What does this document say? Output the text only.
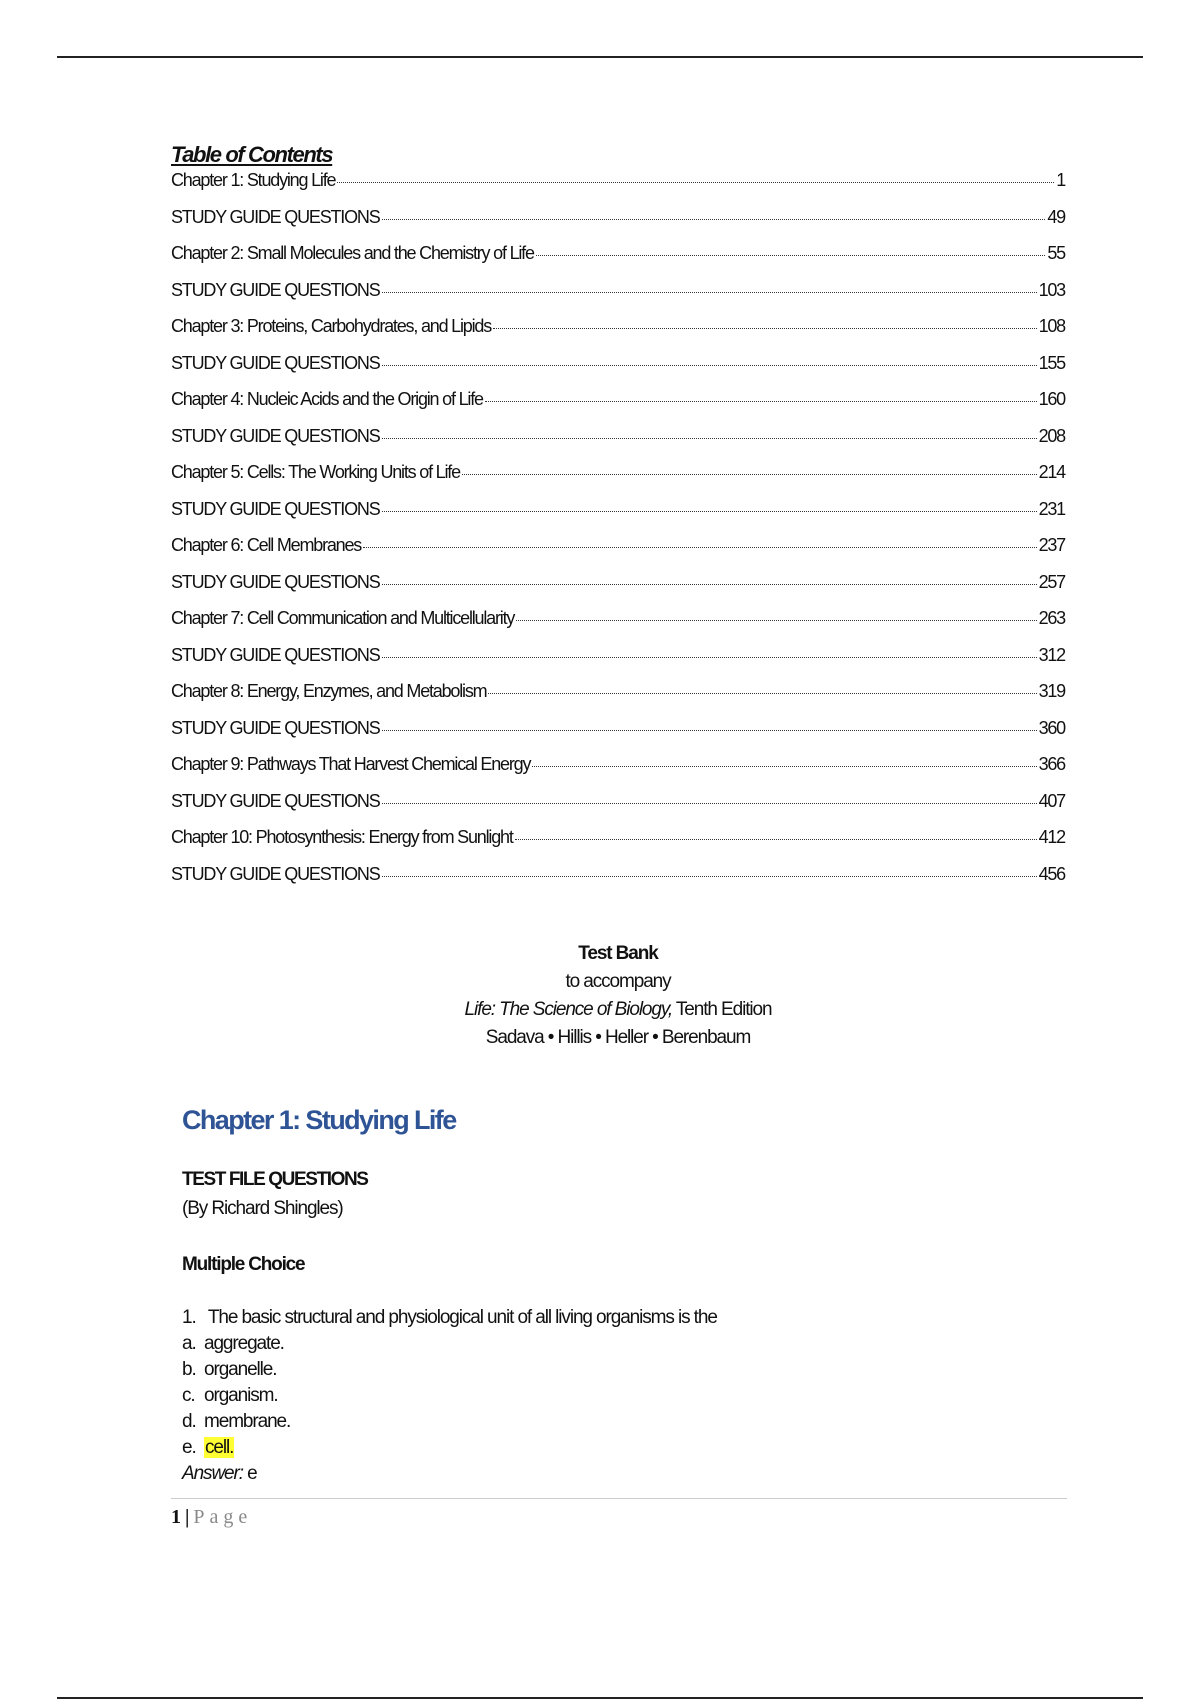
Table of Contents
Chapter 1: Studying Life	1
STUDY GUIDE QUESTIONS	49
Chapter 2: Small Molecules and the Chemistry of Life	55
STUDY GUIDE QUESTIONS	103
Chapter 3: Proteins, Carbohydrates, and Lipids	108
STUDY GUIDE QUESTIONS	155
Chapter 4: Nucleic Acids and the Origin of Life	160
STUDY GUIDE QUESTIONS	208
Chapter 5: Cells: The Working Units of Life	214
STUDY GUIDE QUESTIONS	231
Chapter 6: Cell Membranes	237
STUDY GUIDE QUESTIONS	257
Chapter 7: Cell Communication and Multicellularity	263
STUDY GUIDE QUESTIONS	312
Chapter 8: Energy, Enzymes, and Metabolism	319
STUDY GUIDE QUESTIONS	360
Chapter 9: Pathways That Harvest Chemical Energy	366
STUDY GUIDE QUESTIONS	407
Chapter 10: Photosynthesis: Energy from Sunlight	412
STUDY GUIDE QUESTIONS	456
Test Bank
to accompany
Life: The Science of Biology, Tenth Edition
Sadava • Hillis • Heller • Berenbaum
Chapter 1: Studying Life
TEST FILE QUESTIONS
(By Richard Shingles)
Multiple Choice
1. The basic structural and physiological unit of all living organisms is the
a. aggregate.
b. organelle.
c. organism.
d. membrane.
e. cell.
Answer: e
1 | Page
